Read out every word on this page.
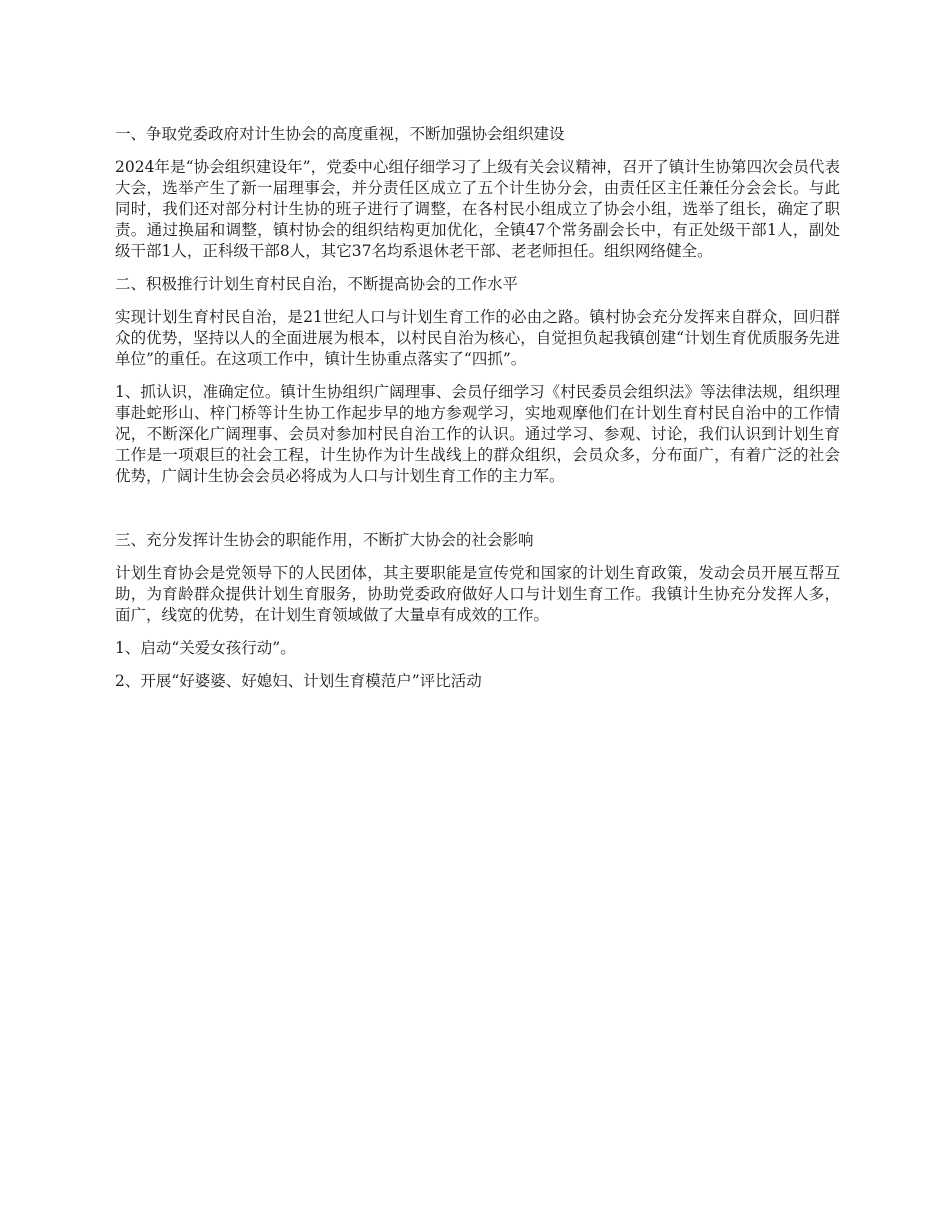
一、争取党委政府对计生协会的高度重视，不断加强协会组织建设

2024年是“协会组织建设年”，党委中心组仔细学习了上级有关会议精神，召开了镇计生协第四次会员代表大会，选举产生了新一届理事会，并分责任区成立了五个计生协分会，由责任区主任兼任分会会长。与此同时，我们还对部分村计生协的班子进行了调整，在各村民小组成立了协会小组，选举了组长，确定了职责。通过换届和调整，镇村协会的组织结构更加优化，全镇47个常务副会长中，有正处级干部1人，副处级干部1人，正科级干部8人，其它37名均系退休老干部、老老师担任。组织网络健全。

二、积极推行计划生育村民自治，不断提高协会的工作水平

实现计划生育村民自治，是21世纪人口与计划生育工作的必由之路。镇村协会充分发挥来自群众，回归群众的优势，坚持以人的全面进展为根本，以村民自治为核心，自觉担负起我镇创建“计划生育优质服务先进单位”的重任。在这项工作中，镇计生协重点落实了“四抓”。

1、抓认识，准确定位。镇计生协组织广阔理事、会员仔细学习《村民委员会组织法》等法律法规，组织理事赴蛇形山、梓门桥等计生协工作起步早的地方参观学习，实地观摩他们在计划生育村民自治中的工作情况，不断深化广阔理事、会员对参加村民自治工作的认识。通过学习、参观、讨论，我们认识到计划生育工作是一项艰巨的社会工程，计生协作为计生战线上的群众组织，会员众多，分布面广，有着广泛的社会优势，广阔计生协会会员必将成为人口与计划生育工作的主力军。

三、充分发挥计生协会的职能作用，不断扩大协会的社会影响

计划生育协会是党领导下的人民团体，其主要职能是宣传党和国家的计划生育政策，发动会员开展互帮互助，为育龄群众提供计划生育服务，协助党委政府做好人口与计划生育工作。我镇计生协充分发挥人多，面广，线宽的优势，在计划生育领域做了大量卓有成效的工作。

1、启动“关爱女孩行动”。

2、开展“好婆婆、好媳妇、计划生育模范户”评比活动
